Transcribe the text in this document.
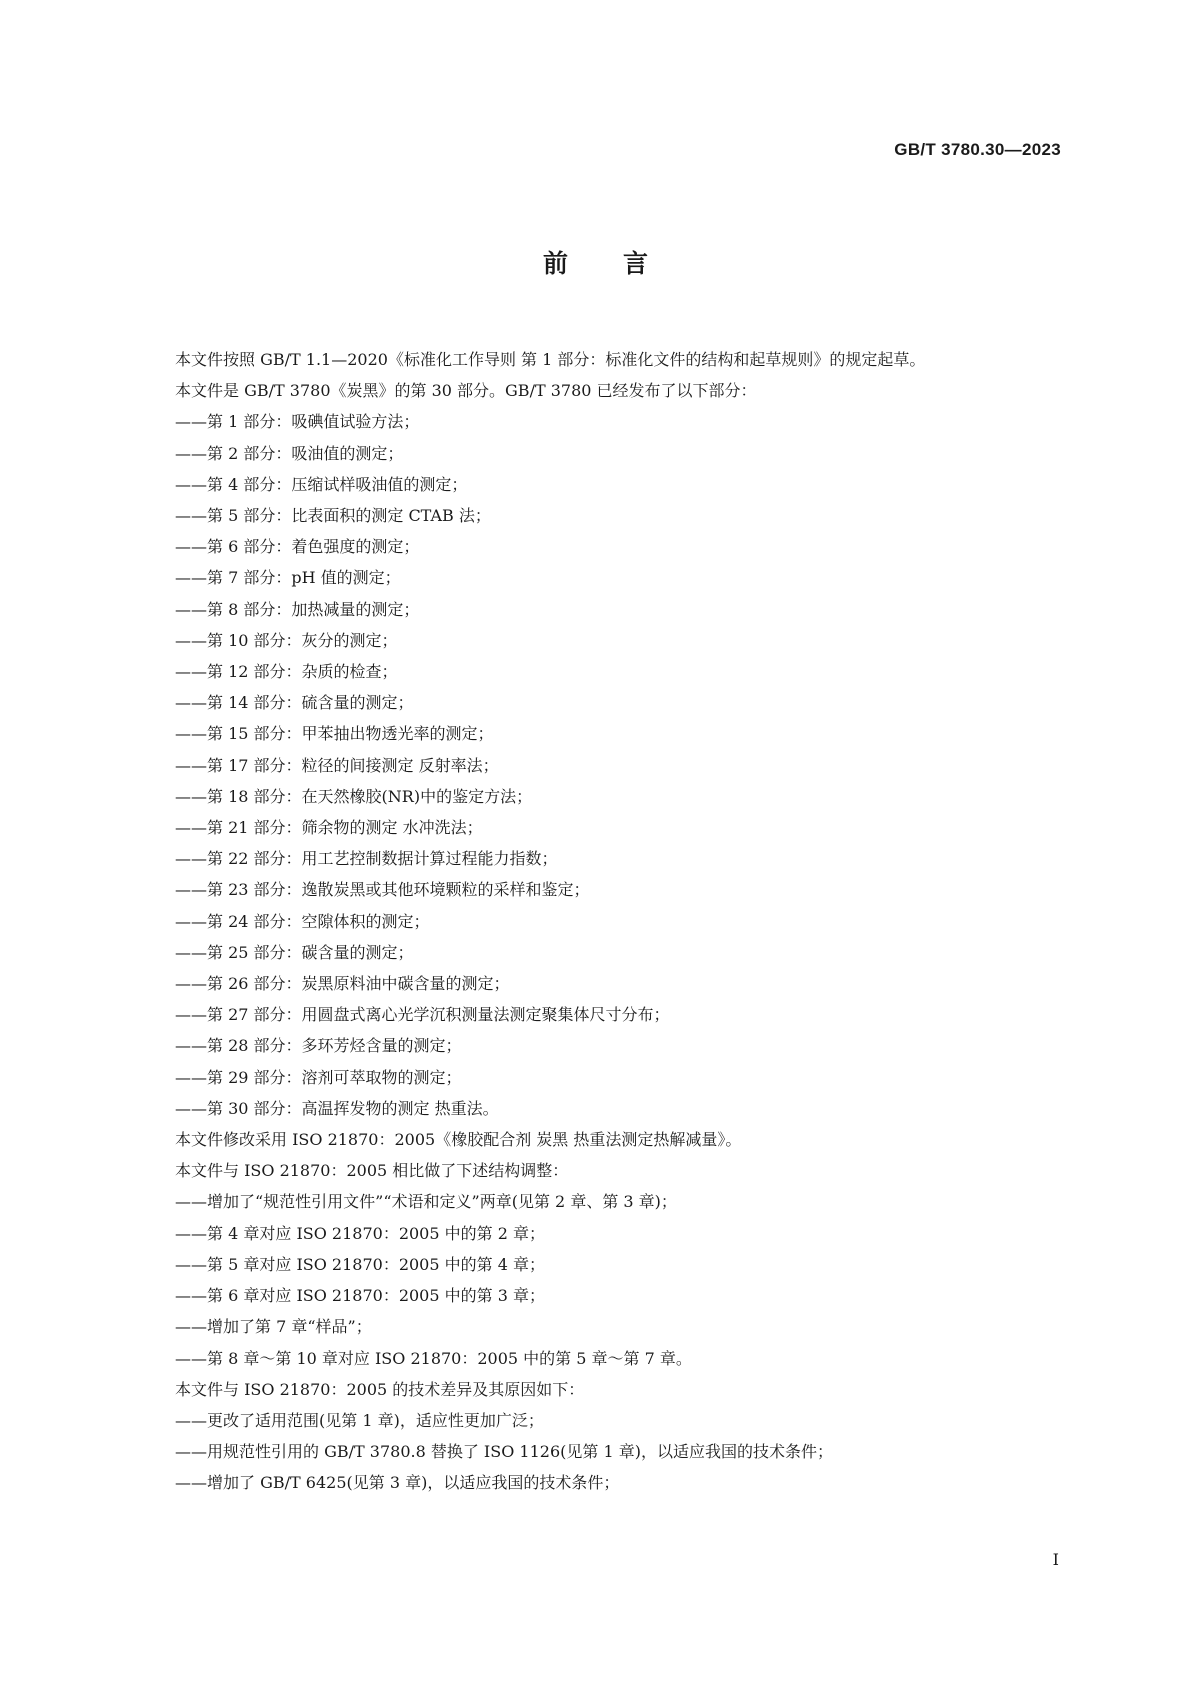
GB/T 3780.30—2023
前言

本文件按照 GB/T 1.1—2020《标准化工作导则 第 1 部分：标准化文件的结构和起草规则》的规定起草。

本文件是 GB/T 3780《炭黑》的第 30 部分。GB/T 3780 已经发布了以下部分：

——第 1 部分：吸碘值试验方法；

——第 2 部分：吸油值的测定；

——第 4 部分：压缩试样吸油值的测定；

——第 5 部分：比表面积的测定 CTAB 法；

——第 6 部分：着色强度的测定；

——第 7 部分：pH 值的测定；

——第 8 部分：加热减量的测定；

——第 10 部分：灰分的测定；

——第 12 部分：杂质的检查；

——第 14 部分：硫含量的测定；

——第 15 部分：甲苯抽出物透光率的测定；

——第 17 部分：粒径的间接测定 反射率法；

——第 18 部分：在天然橡胶(NR)中的鉴定方法；

——第 21 部分：筛余物的测定 水冲洗法；

——第 22 部分：用工艺控制数据计算过程能力指数；

——第 23 部分：逸散炭黑或其他环境颗粒的采样和鉴定；

——第 24 部分：空隙体积的测定；

——第 25 部分：碳含量的测定；

——第 26 部分：炭黑原料油中碳含量的测定；

——第 27 部分：用圆盘式离心光学沉积测量法测定聚集体尺寸分布；

——第 28 部分：多环芳烃含量的测定；

——第 29 部分：溶剂可萃取物的测定；

——第 30 部分：高温挥发物的测定 热重法。

本文件修改采用 ISO 21870：2005《橡胶配合剂 炭黑 热重法测定热解减量》。

本文件与 ISO 21870：2005 相比做了下述结构调整：

——增加了“规范性引用文件”“术语和定义”两章(见第 2 章、第 3 章)；

——第 4 章对应 ISO 21870：2005 中的第 2 章；

——第 5 章对应 ISO 21870：2005 中的第 4 章；

——第 6 章对应 ISO 21870：2005 中的第 3 章；

——增加了第 7 章“样品”；

——第 8 章～第 10 章对应 ISO 21870：2005 中的第 5 章～第 7 章。

本文件与 ISO 21870：2005 的技术差异及其原因如下：

——更改了适用范围(见第 1 章)，适应性更加广泛；

——用规范性引用的 GB/T 3780.8 替换了 ISO 1126(见第 1 章)，以适应我国的技术条件；

——增加了 GB/T 6425(见第 3 章)，以适应我国的技术条件；

I
